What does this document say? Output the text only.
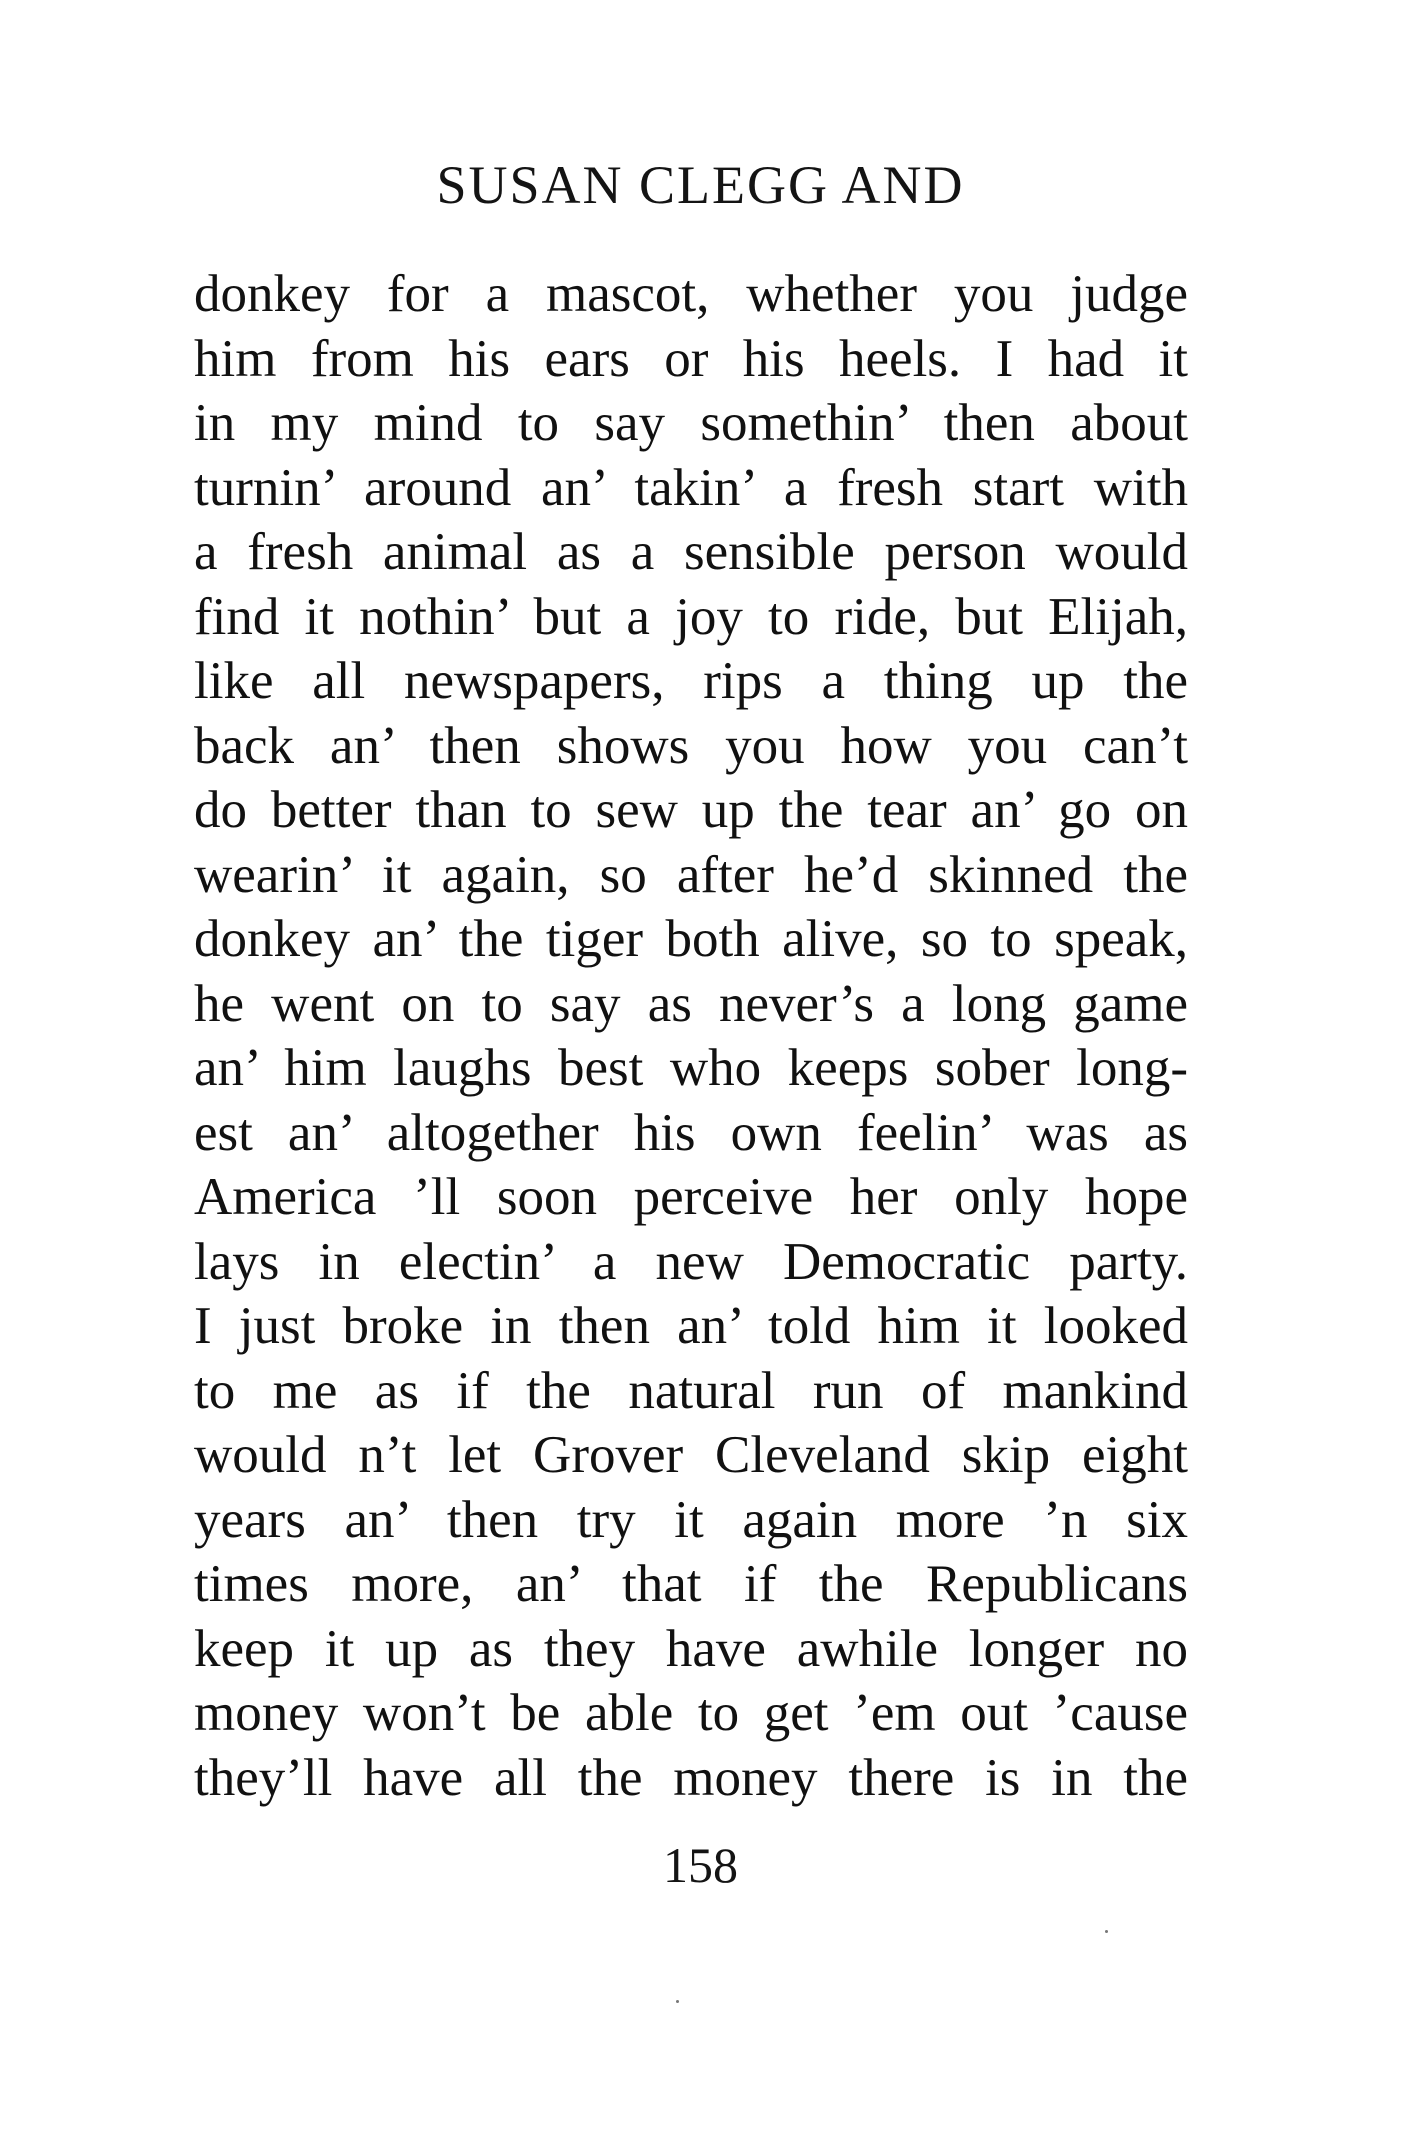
SUSAN CLEGG AND
donkey for a mascot, whether you judge
him from his ears or his heels. I had it
in my mind to say somethin’ then about
turnin’ around an’ takin’ a fresh start with
a fresh animal as a sensible person would
find it nothin’ but a joy to ride, but Elijah,
like all newspapers, rips a thing up the
back an’ then shows you how you can’t
do better than to sew up the tear an’ go on
wearin’ it again, so after he’d skinned the
donkey an’ the tiger both alive, so to speak,
he went on to say as never’s a long game
an’ him laughs best who keeps sober long-
est an’ altogether his own feelin’ was as
America ’ll soon perceive her only hope
lays in electin’ a new Democratic party.
I just broke in then an’ told him it looked
to me as if the natural run of mankind
would n’t let Grover Cleveland skip eight
years an’ then try it again more ’n six
times more, an’ that if the Republicans
keep it up as they have awhile longer no
money won’t be able to get ’em out ’cause
they’ll have all the money there is in the
158
